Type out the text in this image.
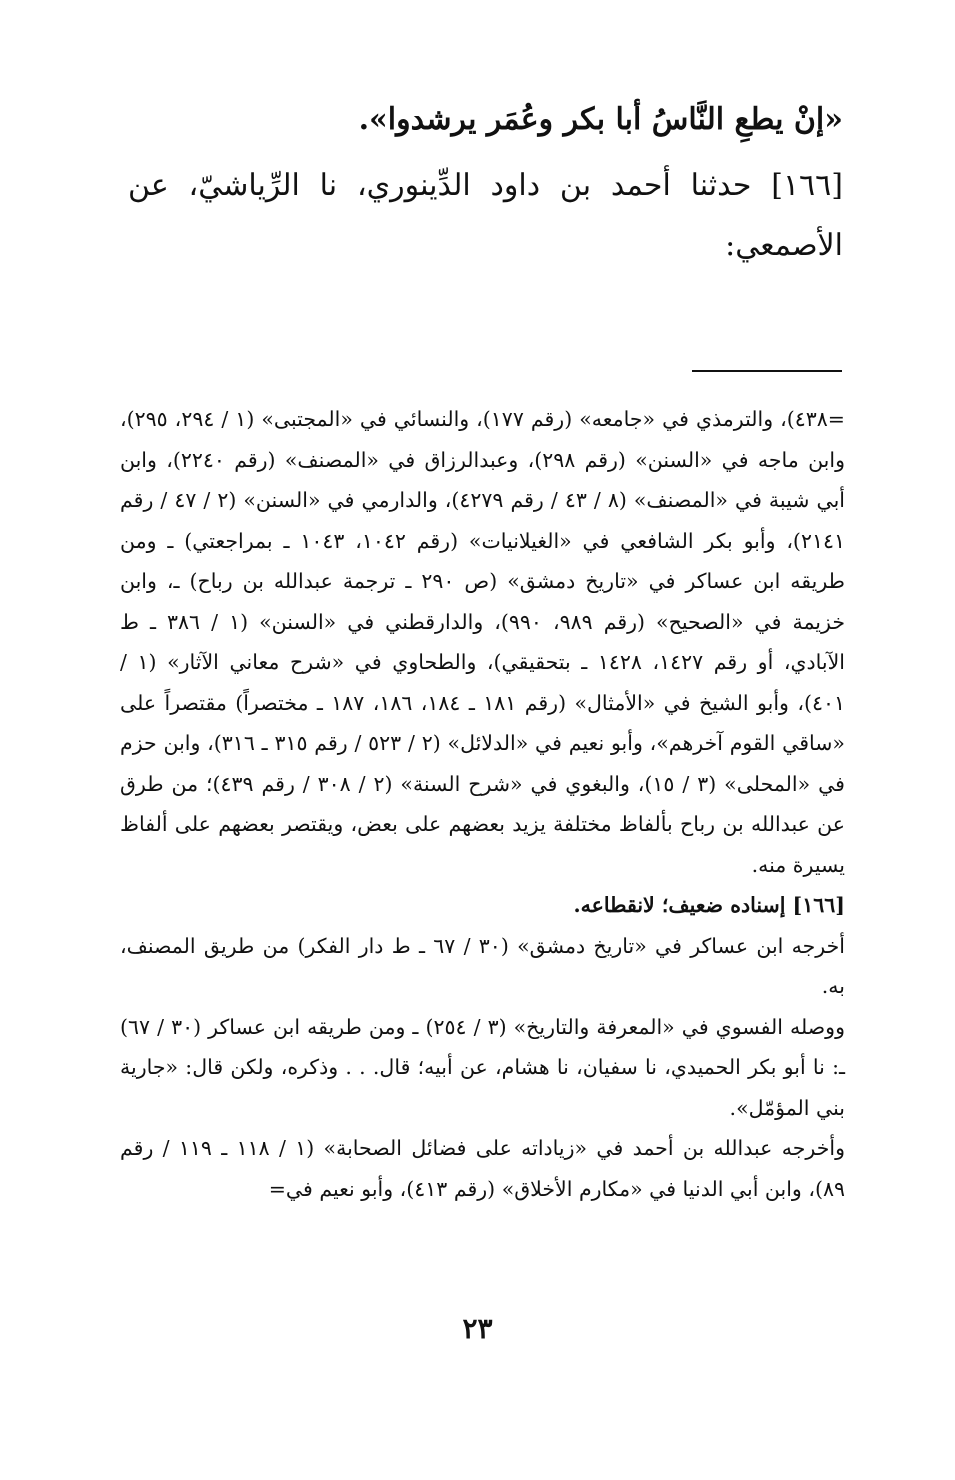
«إنْ يطعِ النَّاسُ أبا بكر وعُمَر يرشدوا».

[١٦٦] حدثنا أحمد بن داود الدِّينوري، نا الرِّياشيّ، عن الأصمعي:

=٤٣٨)، والترمذي في «جامعه» (رقم ١٧٧)، والنسائي في «المجتبى» (١ / ٢٩٤، ٢٩٥)، وابن ماجه في «السنن» (رقم ٢٩٨)، وعبدالرزاق في «المصنف» (رقم ٢٢٤٠)، وابن أبي شيبة في «المصنف» (٨ / ٤٣ / رقم ٤٢٧٩)، والدارمي في «السنن» (٢ / ٤٧ / رقم ٢١٤١)، وأبو بكر الشافعي في «الغيلانيات» (رقم ١٠٤٢، ١٠٤٣ ـ بمراجعتي) ـ ومن طريقه ابن عساكر في «تاريخ دمشق» (ص ٢٩٠ ـ ترجمة عبدالله بن رباح) ـ، وابن خزيمة في «الصحيح» (رقم ٩٨٩، ٩٩٠)، والدارقطني في «السنن» (١ / ٣٨٦ ـ ط الآبادي، أو رقم ١٤٢٧، ١٤٢٨ ـ بتحقيقي)، والطحاوي في «شرح معاني الآثار» (١ / ٤٠١)، وأبو الشيخ في «الأمثال» (رقم ١٨١ ـ ١٨٤، ١٨٦، ١٨٧ ـ مختصراً) مقتصراً على «ساقي القوم آخرهم»، وأبو نعيم في «الدلائل» (٢ / ٥٢٣ / رقم ٣١٥ ـ ٣١٦)، وابن حزم في «المحلى» (٣ / ١٥)، والبغوي في «شرح السنة» (٢ / ٣٠٨ / رقم ٤٣٩)؛ من طرق عن عبدالله بن رباح بألفاظ مختلفة يزيد بعضهم على بعض، ويقتصر بعضهم على ألفاظ يسيرة منه.

[١٦٦] إسناده ضعيف؛ لانقطاعه.

أخرجه ابن عساكر في «تاريخ دمشق» (٣٠ / ٦٧ ـ ط دار الفكر) من طريق المصنف، به.

ووصله الفسوي في «المعرفة والتاريخ» (٣ / ٢٥٤) ـ ومن طريقه ابن عساكر (٣٠ / ٦٧) ـ: نا أبو بكر الحميدي، نا سفيان، نا هشام، عن أبيه؛ قال. . . وذكره، ولكن قال: «جارية بني المؤمّل».

وأخرجه عبدالله بن أحمد في «زياداته على فضائل الصحابة» (١ / ١١٨ ـ ١١٩ / رقم ٨٩)، وابن أبي الدنيا في «مكارم الأخلاق» (رقم ٤١٣)، وأبو نعيم في=

٢٣
